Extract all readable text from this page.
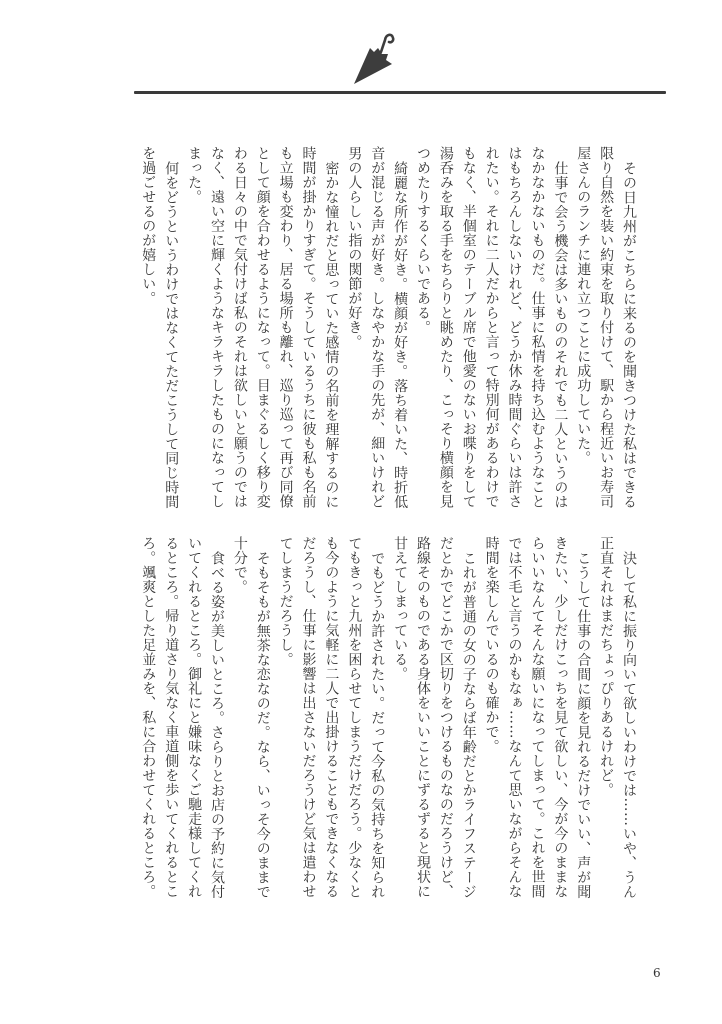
その日九州がこちらに来るのを聞きつけた私はできる
限り自然を装い約束を取り付けて、駅から程近いお寿司
屋さんのランチに連れ立つことに成功していた。
仕事で会う機会は多いもののそれでも二人というのは
なかなかないものだ。仕事に私情を持ち込むようなこと
はもちろんしないけれど、どうか休み時間ぐらいは許さ
れたい。それに二人だからと言って特別何があるわけで
もなく、半個室のテーブル席で他愛のないお喋りをして
湯呑みを取る手をちらりと眺めたり、こっそり横顔を見
つめたりするくらいである。
綺麗な所作が好き。横顔が好き。落ち着いた、時折低
音が混じる声が好き。しなやかな手の先が、細いけれど
男の人らしい指の関節が好き。
密かな憧れだと思っていた感情の名前を理解するのに
時間が掛かりすぎて。そうしているうちに彼も私も名前
も立場も変わり、居る場所も離れ、巡り巡って再び同僚
として顔を合わせるようになって。目まぐるしく移り変
わる日々の中で気付けば私のそれは欲しいと願うのでは
なく、遠い空に輝くようなキラキラしたものになってし
まった。
何をどうというわけではなくてただこうして同じ時間
を過ごせるのが嬉しい。
決して私に振り向いて欲しいわけでは……いや、うん
正直それはまだちょっぴりあるけれど。
こうして仕事の合間に顔を見れるだけでいい、声が聞
きたい、少しだけこっちを見て欲しい、今が今のままな
らいいなんてそんな願いになってしまって。これを世間
では不毛と言うのかもなぁ……なんて思いながらそんな
時間を楽しんでいるのも確かで。
これが普通の女の子ならば年齢だとかライフステージ
だとかでどこかで区切りをつけるものなのだろうけど、
路線そのものである身体をいいことにずるずると現状に
甘えてしまっている。
でもどうか許されたい。だって今私の気持ちを知られ
てもきっと九州を困らせてしまうだけだろう。少なくと
も今のように気軽に二人で出掛けることもできなくなる
だろうし、仕事に影響は出さないだろうけど気は遣わせ
てしまうだろうし。
そもそもが無茶な恋なのだ。なら、いっそ今のままで
十分で。
食べる姿が美しいところ。さらりとお店の予約に気付
いてくれるところ。御礼にと嫌味なくご馳走様してくれ
るところ。帰り道さり気なく車道側を歩いてくれるとこ
ろ。颯爽とした足並みを、私に合わせてくれるところ。
6
